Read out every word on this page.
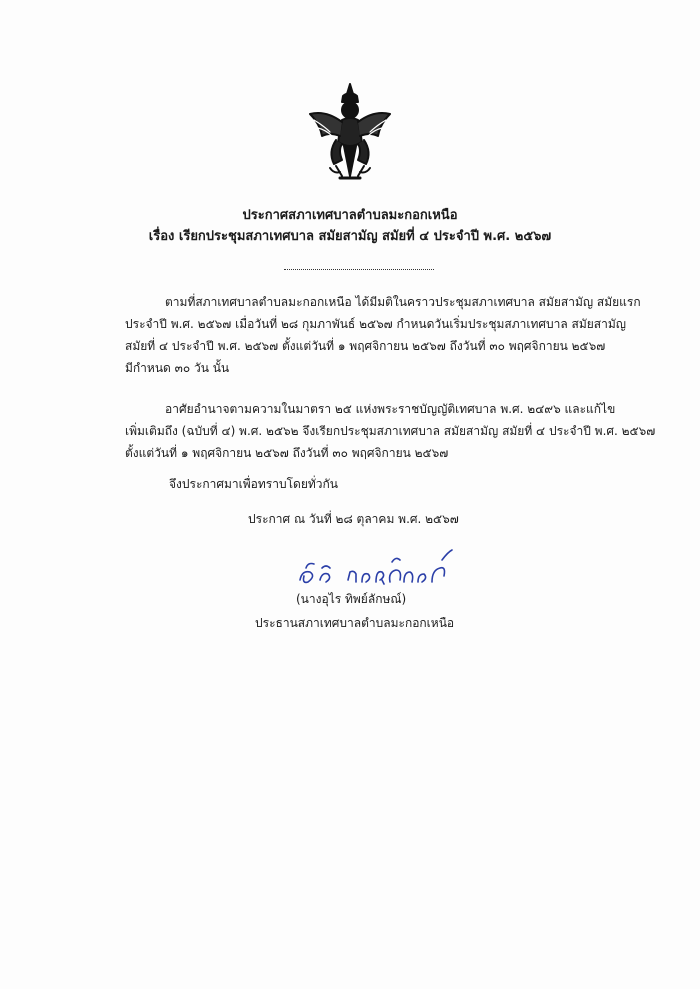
ประกาศสภาเทศบาลตำบลมะกอกเหนือ
เรื่อง เรียกประชุมสภาเทศบาล สมัยสามัญ สมัยที่ ๔ ประจำปี พ.ศ. ๒๕๖๗
ตามที่สภาเทศบาลตำบลมะกอกเหนือ ได้มีมติในคราวประชุมสภาเทศบาล สมัยสามัญ สมัยแรก
ประจำปี พ.ศ. ๒๕๖๗ เมื่อวันที่ ๒๘ กุมภาพันธ์ ๒๕๖๗ กำหนดวันเริ่มประชุมสภาเทศบาล สมัยสามัญ
สมัยที่ ๔ ประจำปี พ.ศ. ๒๕๖๗ ตั้งแต่วันที่ ๑ พฤศจิกายน ๒๕๖๗ ถึงวันที่ ๓๐ พฤศจิกายน ๒๕๖๗
มีกำหนด ๓๐ วัน นั้น
อาศัยอำนาจตามความในมาตรา ๒๕ แห่งพระราชบัญญัติเทศบาล พ.ศ. ๒๔๙๖ และแก้ไข
เพิ่มเติมถึง (ฉบับที่ ๔) พ.ศ. ๒๕๖๒ จึงเรียกประชุมสภาเทศบาล สมัยสามัญ สมัยที่ ๔ ประจำปี พ.ศ. ๒๕๖๗
ตั้งแต่วันที่ ๑ พฤศจิกายน ๒๕๖๗ ถึงวันที่ ๓๐ พฤศจิกายน ๒๕๖๗
จึงประกาศมาเพื่อทราบโดยทั่วกัน
ประกาศ ณ วันที่ ๒๘ ตุลาคม พ.ศ. ๒๕๖๗
(นางอุไร ทิพย์ลักษณ์)
ประธานสภาเทศบาลตำบลมะกอกเหนือ
